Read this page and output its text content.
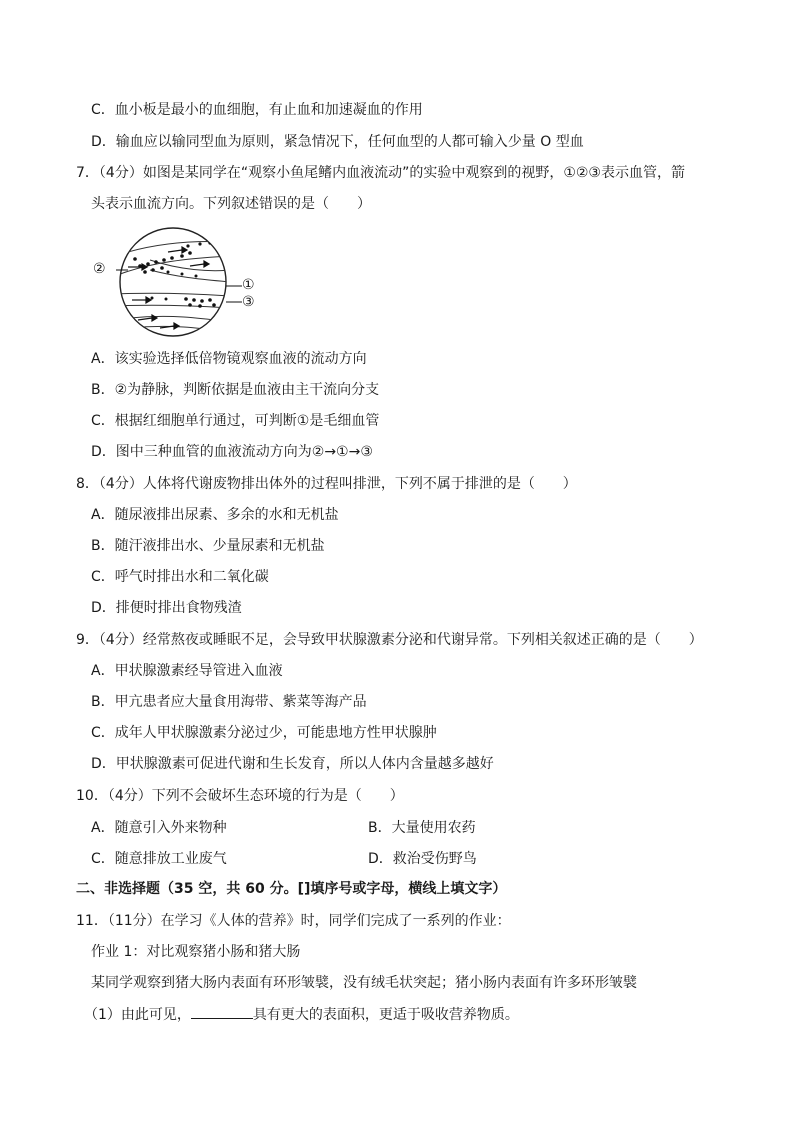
C．血小板是最小的血细胞，有止血和加速凝血的作用
D．输血应以输同型血为原则，紧急情况下，任何血型的人都可输入少量 O 型血
7．（4分）如图是某同学在“观察小鱼尾鳍内血液流动”的实验中观察到的视野，①②③表示血管，箭
头表示血流方向。下列叙述错误的是（　　）
②
①
③
A．该实验选择低倍物镜观察血液的流动方向
B．②为静脉，判断依据是血液由主干流向分支
C．根据红细胞单行通过，可判断①是毛细血管
D．图中三种血管的血液流动方向为②→①→③
8．（4分）人体将代谢废物排出体外的过程叫排泄，下列不属于排泄的是（　　）
A．随尿液排出尿素、多余的水和无机盐
B．随汗液排出水、少量尿素和无机盐
C．呼气时排出水和二氧化碳
D．排便时排出食物残渣
9．（4分）经常熬夜或睡眠不足，会导致甲状腺激素分泌和代谢异常。下列相关叙述正确的是（　　）
A．甲状腺激素经导管进入血液
B．甲亢患者应大量食用海带、紫菜等海产品
C．成年人甲状腺激素分泌过少，可能患地方性甲状腺肿
D．甲状腺激素可促进代谢和生长发育，所以人体内含量越多越好
10．（4分）下列不会破坏生态环境的行为是（　　）
A．随意引入外来物种	B．大量使用农药
C．随意排放工业废气	D．救治受伤野鸟
二、非选择题（35 空，共 60 分。[]填序号或字母，横线上填文字）
11．（11分）在学习《人体的营养》时，同学们完成了一系列的作业：
作业 1：对比观察猪小肠和猪大肠
某同学观察到猪大肠内表面有环形皱襞，没有绒毛状突起；猪小肠内表面有许多环形皱襞
（1）由此可见，	具有更大的表面积，更适于吸收营养物质。
